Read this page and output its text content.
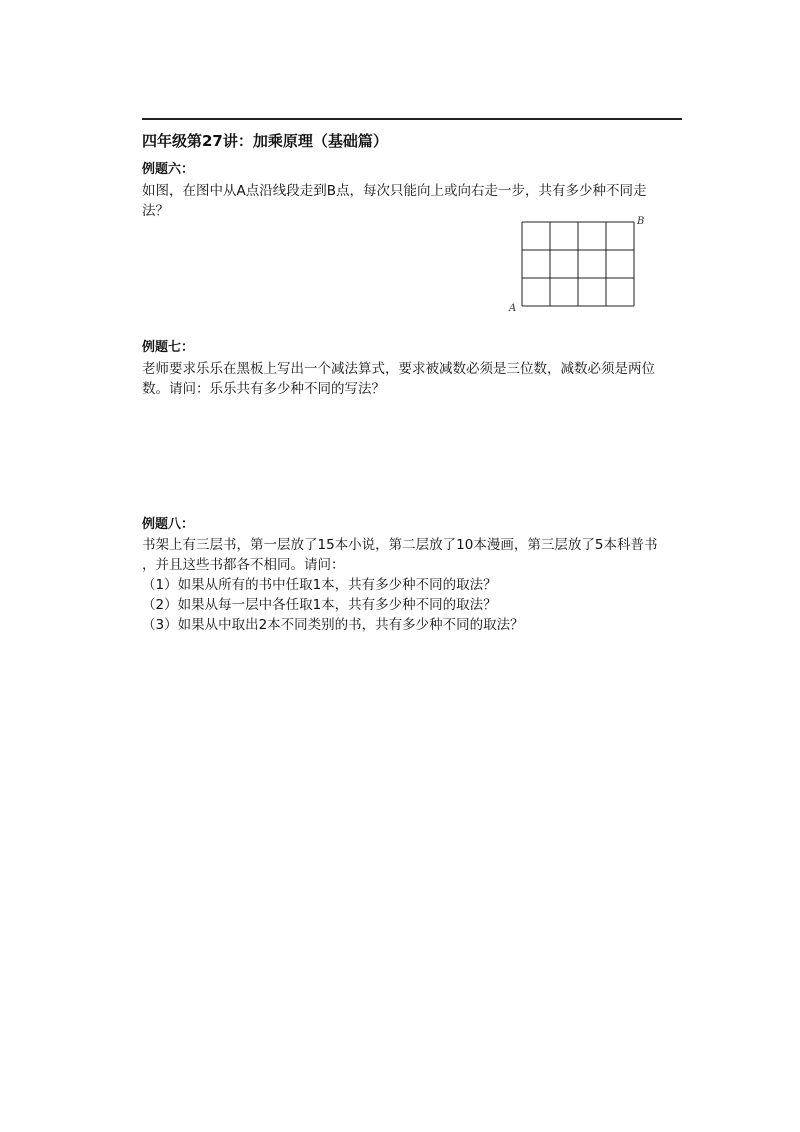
四年级第27讲：加乘原理（基础篇）
例题六：
如图，在图中从A点沿线段走到B点，每次只能向上或向右走一步，共有多少种不同走
法？
B
A
例题七：
老师要求乐乐在黑板上写出一个减法算式，要求被减数必须是三位数，减数必须是两位
数。请问：乐乐共有多少种不同的写法？
例题八：
书架上有三层书，第一层放了15本小说，第二层放了10本漫画，第三层放了5本科普书
，并且这些书都各不相同。请问：
（1）如果从所有的书中任取1本，共有多少种不同的取法？
（2）如果从每一层中各任取1本，共有多少种不同的取法？
（3）如果从中取出2本不同类别的书，共有多少种不同的取法？
